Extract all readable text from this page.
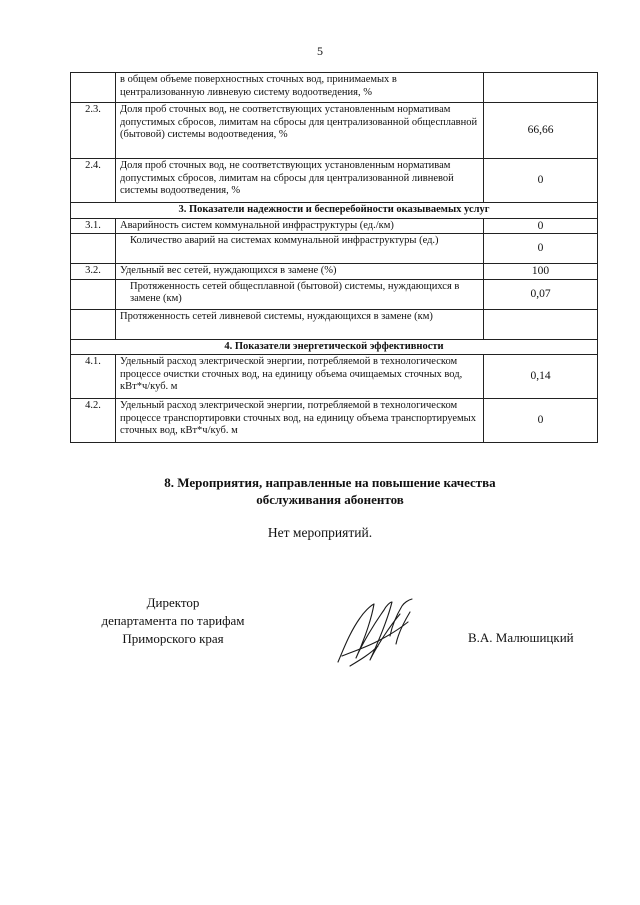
5
	в общем объеме поверхностных сточных вод, принимаемых в централизованную ливневую систему водоотведения, %	
2.3.	Доля проб сточных вод, не соответствующих установленным нормативам допустимых сбросов, лимитам на сбросы для централизованной общесплавной (бытовой) системы водоотведения, %	66,66
2.4.	Доля проб сточных вод, не соответствующих установленным нормативам допустимых сбросов, лимитам на сбросы для централизованной ливневой системы водоотведения, %	0
3. Показатели надежности и бесперебойности оказываемых услуг		
3.1.	Аварийность систем коммунальной инфраструктуры (ед./км)	0
	Количество аварий на системах коммунальной инфраструктуры (ед.)	0
3.2.	Удельный вес сетей, нуждающихся в замене (%)	100
	Протяженность сетей общесплавной (бытовой) системы, нуждающихся в замене (км)	0,07
	Протяженность сетей ливневой системы, нуждающихся в замене (км)	
4. Показатели энергетической эффективности		
4.1.	Удельный расход электрической энергии, потребляемой в технологическом процессе очистки сточных вод, на единицу объема очищаемых сточных вод, кВт*ч/куб. м	0,14
4.2.	Удельный расход электрической энергии, потребляемой в технологическом процессе транспортировки сточных вод, на единицу объема транспортируемых сточных вод, кВт*ч/куб. м	0
8. Мероприятия, направленные на повышение качества
обслуживания абонентов
Нет мероприятий.
Директор
департамента по тарифам
Приморского края	В.А. Малюшицкий
